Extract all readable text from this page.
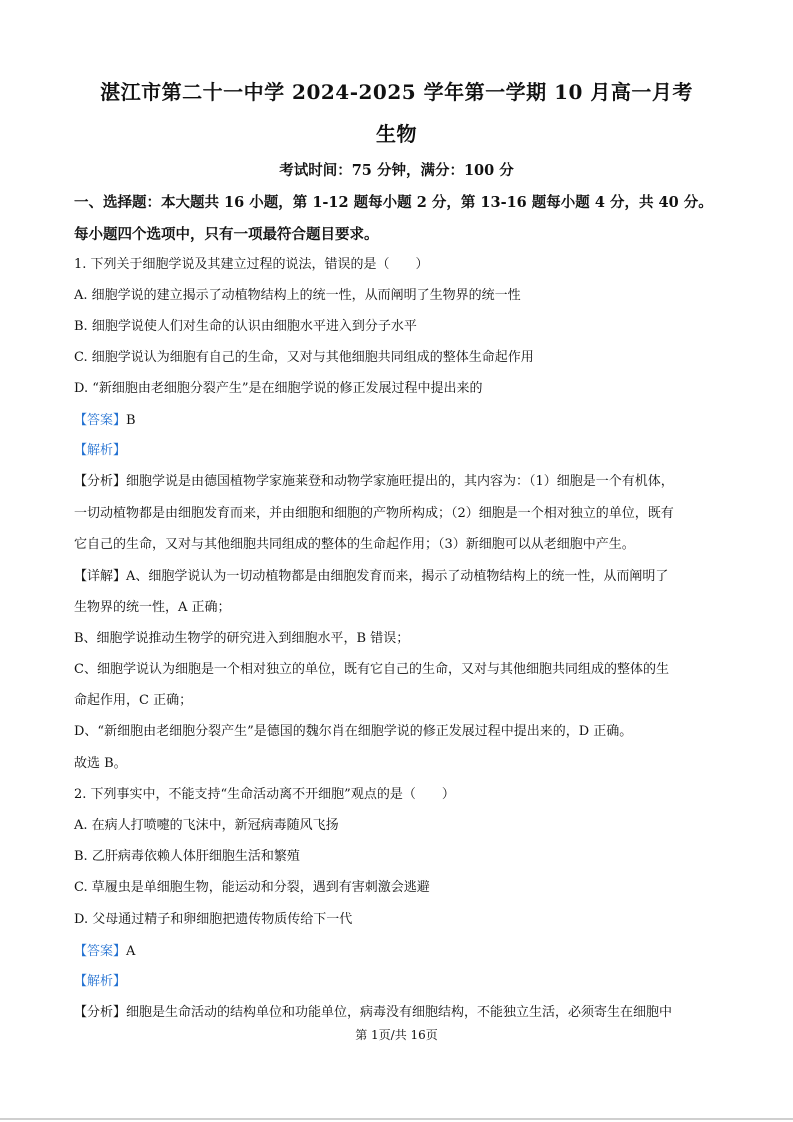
湛江市第二十一中学 2024-2025 学年第一学期 10 月高一月考
生物
考试时间：75 分钟，满分：100 分
一、选择题：本大题共 16 小题，第 1-12 题每小题 2 分，第 13-16 题每小题 4 分，共 40 分。
每小题四个选项中，只有一项最符合题目要求。
1. 下列关于细胞学说及其建立过程的说法，错误的是（　　）
A. 细胞学说的建立揭示了动植物结构上的统一性，从而阐明了生物界的统一性
B. 细胞学说使人们对生命的认识由细胞水平进入到分子水平
C. 细胞学说认为细胞有自己的生命，又对与其他细胞共同组成的整体生命起作用
D. “新细胞由老细胞分裂产生”是在细胞学说的修正发展过程中提出来的
【答案】B
【解析】
【分析】细胞学说是由德国植物学家施莱登和动物学家施旺提出的，其内容为：（1）细胞是一个有机体，
一切动植物都是由细胞发育而来，并由细胞和细胞的产物所构成；（2）细胞是一个相对独立的单位，既有
它自己的生命，又对与其他细胞共同组成的整体的生命起作用；（3）新细胞可以从老细胞中产生。
【详解】A、细胞学说认为一切动植物都是由细胞发育而来，揭示了动植物结构上的统一性，从而阐明了
生物界的统一性，A 正确；
B、细胞学说推动生物学的研究进入到细胞水平，B 错误；
C、细胞学说认为细胞是一个相对独立的单位，既有它自己的生命，又对与其他细胞共同组成的整体的生
命起作用，C 正确；
D、“新细胞由老细胞分裂产生”是德国的魏尔肖在细胞学说的修正发展过程中提出来的，D 正确。
故选 B。
2. 下列事实中，不能支持“生命活动离不开细胞”观点的是（　　）
A. 在病人打喷嚏的飞沫中，新冠病毒随风飞扬
B. 乙肝病毒依赖人体肝细胞生活和繁殖
C. 草履虫是单细胞生物，能运动和分裂，遇到有害刺激会逃避
D. 父母通过精子和卵细胞把遗传物质传给下一代
【答案】A
【解析】
【分析】细胞是生命活动的结构单位和功能单位，病毒没有细胞结构，不能独立生活，必须寄生在细胞中
第 1页/共 16页
